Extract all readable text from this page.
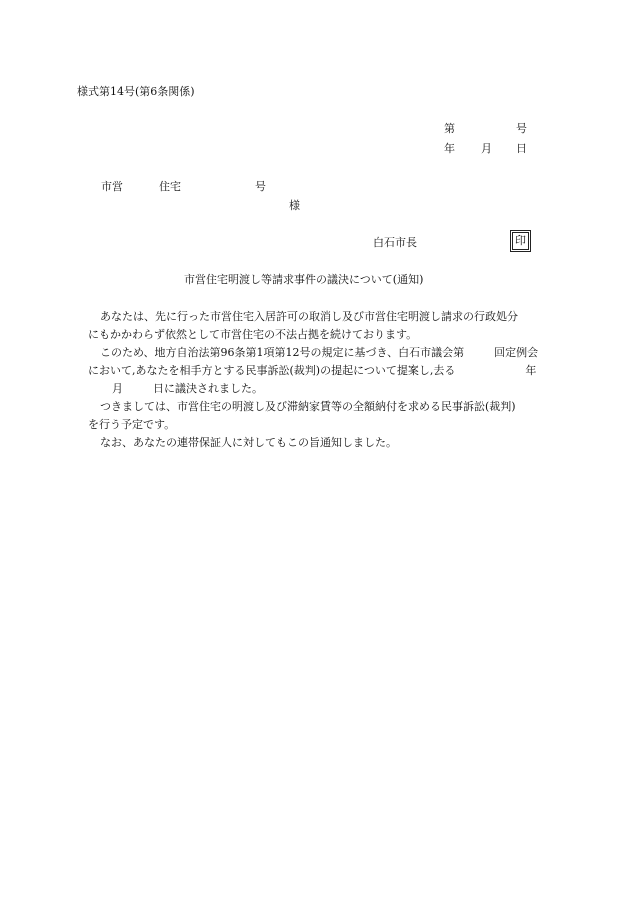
様式第14号(第6条関係)
第	号
年 月 日
市営	住宅	号
様
白石市長	印
市営住宅明渡し等請求事件の議決について(通知)
あなたは、先に行った市営住宅入居許可の取消し及び市営住宅明渡し請求の行政処分
にもかかわらず依然として市営住宅の不法占拠を続けております。
このため、地方自治法第96条第1項第12号の規定に基づき、白石市議会第	回定例会
において,あなたを相手方とする民事訴訟(裁判)の提起について提案し,去る	年
月	日に議決されました。
つきましては、市営住宅の明渡し及び滞納家賃等の全額納付を求める民事訴訟(裁判)
を行う予定です。
なお、あなたの連帯保証人に対してもこの旨通知しました。
